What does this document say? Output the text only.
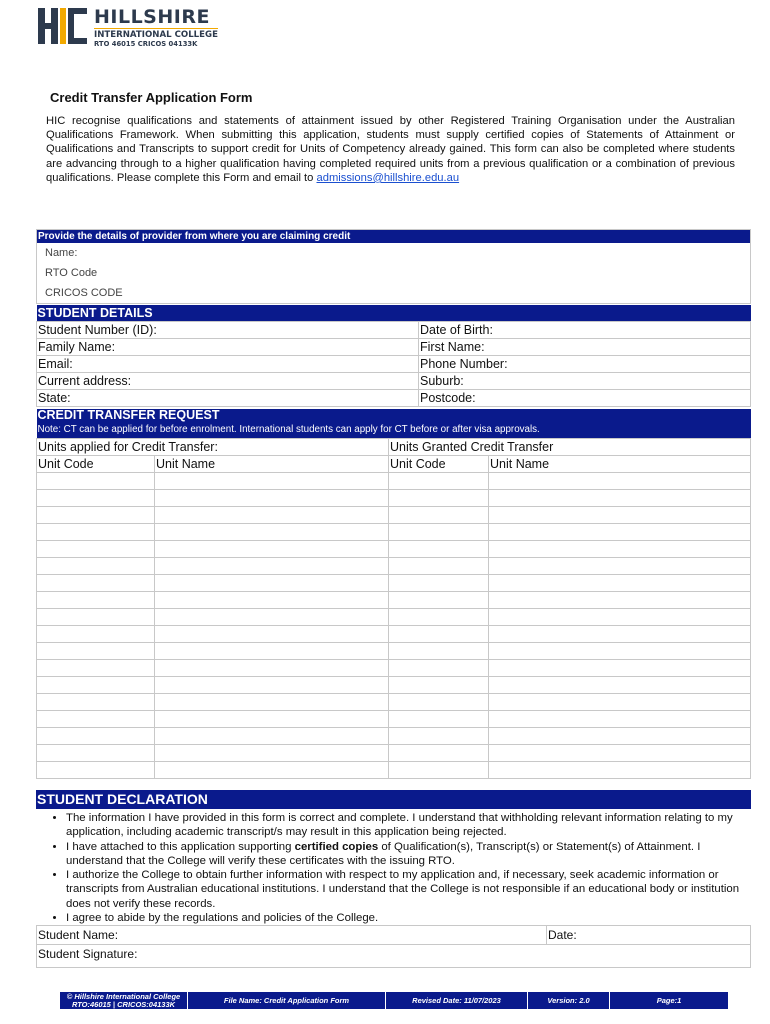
HILLSHIRE
INTERNATIONAL COLLEGE
RTO 46015 CRICOS 04133K
Credit Transfer Application Form
HIC recognise qualifications and statements of attainment issued by other Registered Training Organisation under the Australian Qualifications Framework. When submitting this application, students must supply certified copies of Statements of Attainment or Qualifications and Transcripts to support credit for Units of Competency already gained. This form can also be completed where students are advancing through to a higher qualification having completed required units from a previous qualification or a combination of previous qualifications. Please complete this Form and email to admissions@hillshire.edu.au
Provide the details of provider from where you are claiming credit
Name:
RTO Code
CRICOS CODE
STUDENT DETAILS	
Student Number (ID):	Date of Birth:
Family Name:	First Name:
Email:	Phone Number:
Current address:	Suburb:
State:	Postcode:
CREDIT TRANSFER REQUEST			
Note: CT can be applied for before enrolment. International students can apply for CT before or after visa approvals.			
Units applied for Credit Transfer:		Units Granted Credit Transfer	
Unit Code	Unit Name	Unit Code	Unit Name

STUDENT DECLARATION
• The information I have provided in this form is correct and complete. I understand that withholding relevant information relating to my application, including academic transcript/s may result in this application being rejected.
• I have attached to this application supporting certified copies of Qualification(s), Transcript(s) or Statement(s) of Attainment. I understand that the College will verify these certificates with the issuing RTO.
• I authorize the College to obtain further information with respect to my application and, if necessary, seek academic information or transcripts from Australian educational institutions. I understand that the College is not responsible if an educational body or institution does not verify these records.
• I agree to abide by the regulations and policies of the College.
Student Name:	Date:
Student Signature:
© Hillshire International College
RTO:46015 | CRICOS:04133K	File Name: Credit Application Form	Revised Date: 11/07/2023	Version: 2.0	Page:1
